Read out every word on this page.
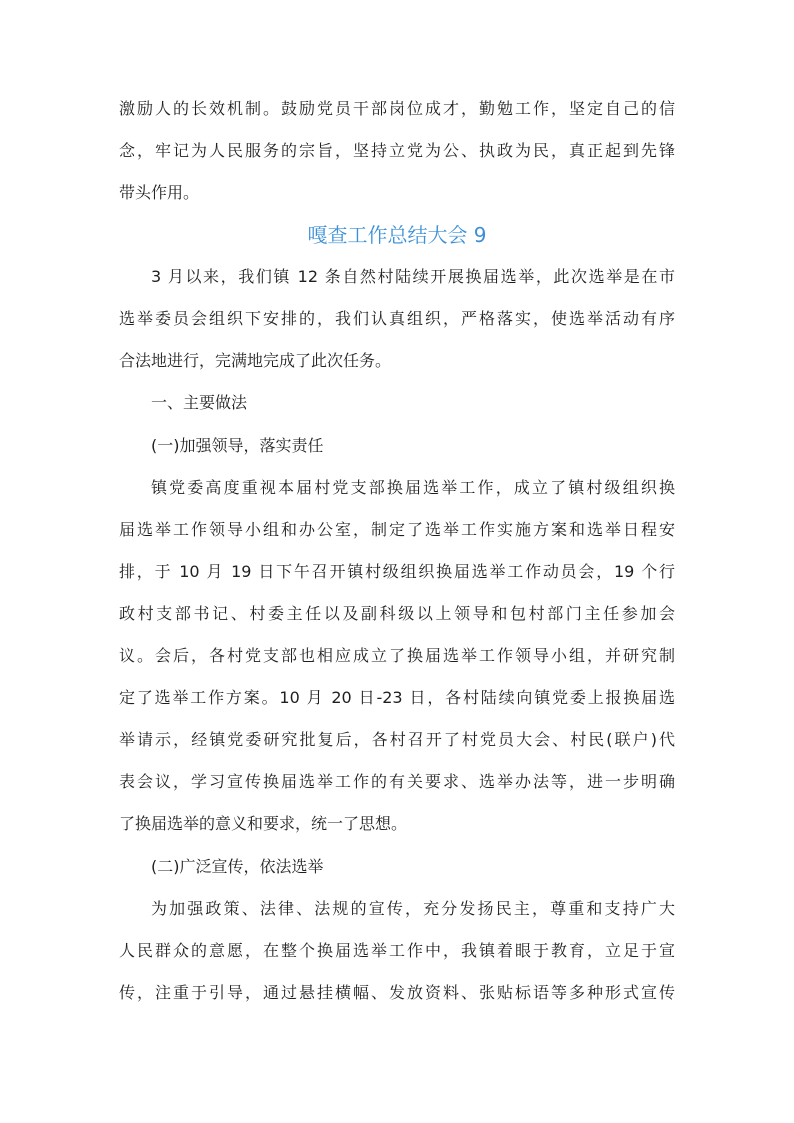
激励人的长效机制。鼓励党员干部岗位成才，勤勉工作，坚定自己的信

念，牢记为人民服务的宗旨，坚持立党为公、执政为民，真正起到先锋

带头作用。

嘎查工作总结大会 9

3 月以来，我们镇 12 条自然村陆续开展换届选举，此次选举是在市

选举委员会组织下安排的，我们认真组织，严格落实，使选举活动有序

合法地进行，完满地完成了此次任务。

一、主要做法

(一)加强领导，落实责任

镇党委高度重视本届村党支部换届选举工作，成立了镇村级组织换

届选举工作领导小组和办公室，制定了选举工作实施方案和选举日程安

排，于 10 月 19 日下午召开镇村级组织换届选举工作动员会，19 个行

政村支部书记、村委主任以及副科级以上领导和包村部门主任参加会

议。会后，各村党支部也相应成立了换届选举工作领导小组，并研究制

定了选举工作方案。10 月 20 日-23 日，各村陆续向镇党委上报换届选

举请示，经镇党委研究批复后，各村召开了村党员大会、村民(联户)代

表会议，学习宣传换届选举工作的有关要求、选举办法等，进一步明确

了换届选举的意义和要求，统一了思想。

(二)广泛宣传，依法选举

为加强政策、法律、法规的宣传，充分发扬民主，尊重和支持广大

人民群众的意愿，在整个换届选举工作中，我镇着眼于教育，立足于宣

传，注重于引导，通过悬挂横幅、发放资料、张贴标语等多种形式宣传
